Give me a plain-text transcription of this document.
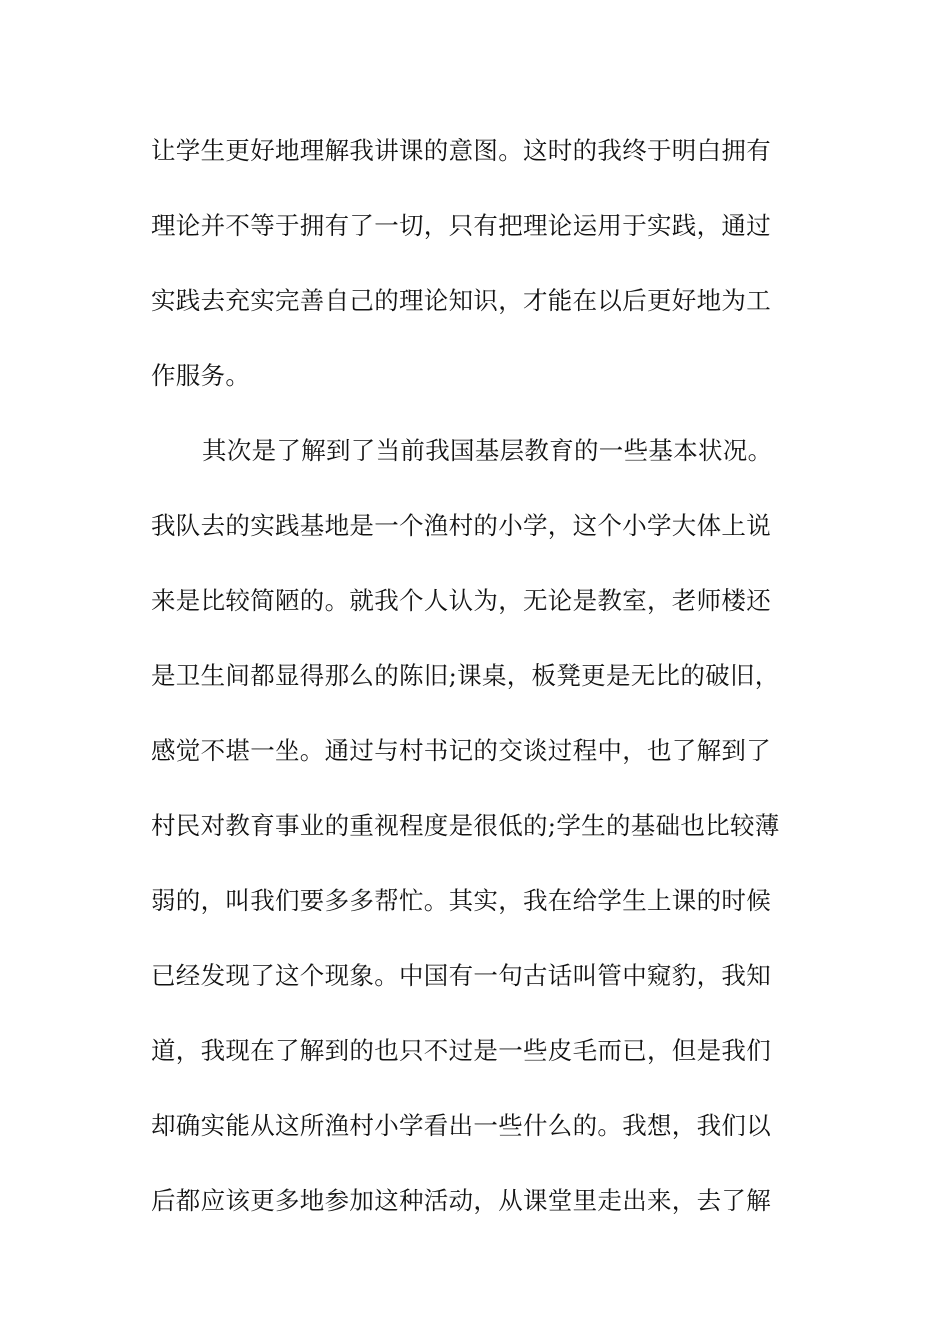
让学生更好地理解我讲课的意图。这时的我终于明白拥有
理论并不等于拥有了一切，只有把理论运用于实践，通过
实践去充实完善自己的理论知识，才能在以后更好地为工
作服务。
其次是了解到了当前我国基层教育的一些基本状况。
我队去的实践基地是一个渔村的小学，这个小学大体上说
来是比较简陋的。就我个人认为，无论是教室，老师楼还
是卫生间都显得那么的陈旧;课桌，板凳更是无比的破旧，
感觉不堪一坐。通过与村书记的交谈过程中，也了解到了
村民对教育事业的重视程度是很低的;学生的基础也比较薄
弱的，叫我们要多多帮忙。其实，我在给学生上课的时候
已经发现了这个现象。中国有一句古话叫管中窥豹，我知
道，我现在了解到的也只不过是一些皮毛而已，但是我们
却确实能从这所渔村小学看出一些什么的。我想，我们以
后都应该更多地参加这种活动，从课堂里走出来，去了解
